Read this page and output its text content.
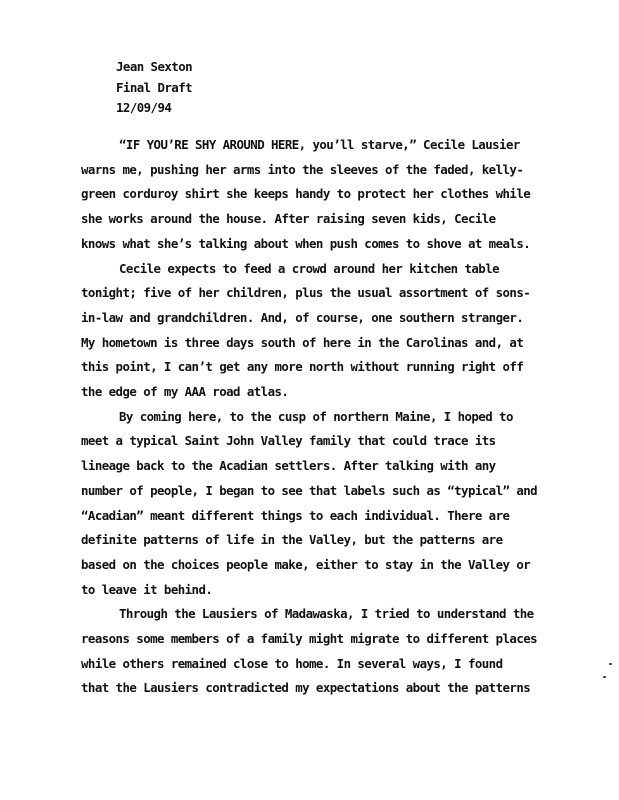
Jean Sexton
Final Draft
12/09/94

“IF YOU’RE SHY AROUND HERE, you’ll starve,” Cecile Lausier
warns me, pushing her arms into the sleeves of the faded, kelly-
green corduroy shirt she keeps handy to protect her clothes while
she works around the house. After raising seven kids, Cecile
knows what she’s talking about when push comes to shove at meals.

Cecile expects to feed a crowd around her kitchen table
tonight; five of her children, plus the usual assortment of sons-
in-law and grandchildren. And, of course, one southern stranger.
My hometown is three days south of here in the Carolinas and, at
this point, I can’t get any more north without running right off
the edge of my AAA road atlas.

By coming here, to the cusp of northern Maine, I hoped to
meet a typical Saint John Valley family that could trace its
lineage back to the Acadian settlers. After talking with any
number of people, I began to see that labels such as “typical” and
“Acadian” meant different things to each individual. There are
definite patterns of life in the Valley, but the patterns are
based on the choices people make, either to stay in the Valley or
to leave it behind.

Through the Lausiers of Madawaska, I tried to understand the
reasons some members of a family might migrate to different places
while others remained close to home. In several ways, I found
that the Lausiers contradicted my expectations about the patterns
